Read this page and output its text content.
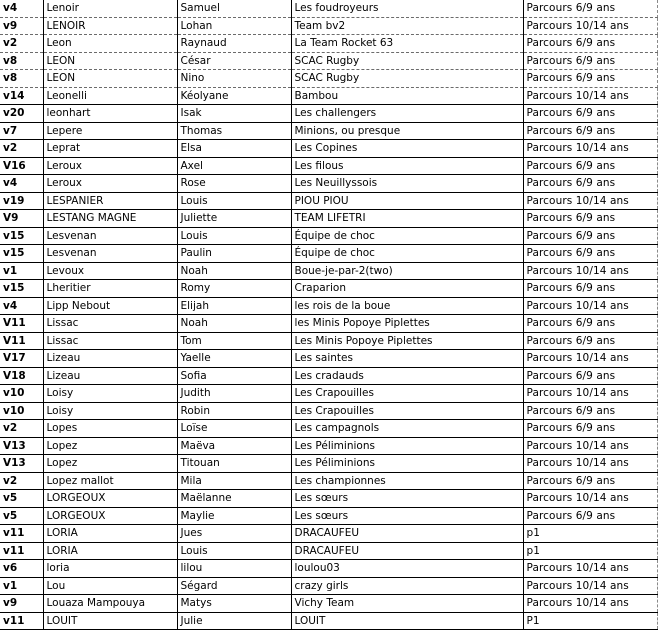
v4	Lenoir	Samuel	Les foudroyeurs	Parcours 6/9 ans
v9	LENOIR	Lohan	Team bv2	Parcours 10/14 ans
v2	Leon	Raynaud	La Team Rocket 63	Parcours 6/9 ans
v8	LEON	César	SCAC Rugby	Parcours 6/9 ans
v8	LEON	Nino	SCAC Rugby	Parcours 6/9 ans
v14	Leonelli	Kéolyane	Bambou	Parcours 10/14 ans
v20	leonhart	Isak	Les challengers	Parcours 6/9 ans
v7	Lepere	Thomas	Minions, ou presque	Parcours 6/9 ans
v2	Leprat	Elsa	Les Copines	Parcours 10/14 ans
V16	Leroux	Axel	Les filous	Parcours 6/9 ans
v4	Leroux	Rose	Les Neuillyssois	Parcours 6/9 ans
v19	LESPANIER	Louis	PIOU PIOU	Parcours 10/14 ans
V9	LESTANG MAGNE	Juliette	TEAM LIFETRI	Parcours 6/9 ans
v15	Lesvenan	Louis	Équipe de choc	Parcours 6/9 ans
v15	Lesvenan	Paulin	Équipe de choc	Parcours 6/9 ans
v1	Levoux	Noah	Boue-je-par-2(two)	Parcours 10/14 ans
v15	Lheritier	Romy	Craparion	Parcours 6/9 ans
v4	Lipp Nebout	Elijah	les rois de la boue	Parcours 10/14 ans
V11	Lissac	Noah	les Minis Popoye Piplettes	Parcours 6/9 ans
V11	Lissac	Tom	Les Minis Popoye Piplettes	Parcours 6/9 ans
V17	Lizeau	Yaelle	Les saintes	Parcours 10/14 ans
V18	Lizeau	Sofia	Les cradauds	Parcours 6/9 ans
v10	Loisy	Judith	Les Crapouilles	Parcours 10/14 ans
v10	Loisy	Robin	Les Crapouilles	Parcours 6/9 ans
v2	Lopes	Loïse	Les campagnols	Parcours 6/9 ans
V13	Lopez	Maëva	Les Péliminions	Parcours 10/14 ans
V13	Lopez	Titouan	Les Péliminions	Parcours 10/14 ans
v2	Lopez mallot	Mila	Les championnes	Parcours 6/9 ans
v5	LORGEOUX	Maëlanne	Les sœurs	Parcours 10/14 ans
v5	LORGEOUX	Maylie	Les sœurs	Parcours 6/9 ans
v11	LORIA	Jues	DRACAUFEU	p1
v11	LORIA	Louis	DRACAUFEU	p1
v6	loria	lilou	loulou03	Parcours 10/14 ans
v1	Lou	Ségard	crazy girls	Parcours 10/14 ans
v9	Louaza Mampouya	Matys	Vichy Team	Parcours 10/14 ans
v11	LOUIT	Julie	LOUIT	P1
